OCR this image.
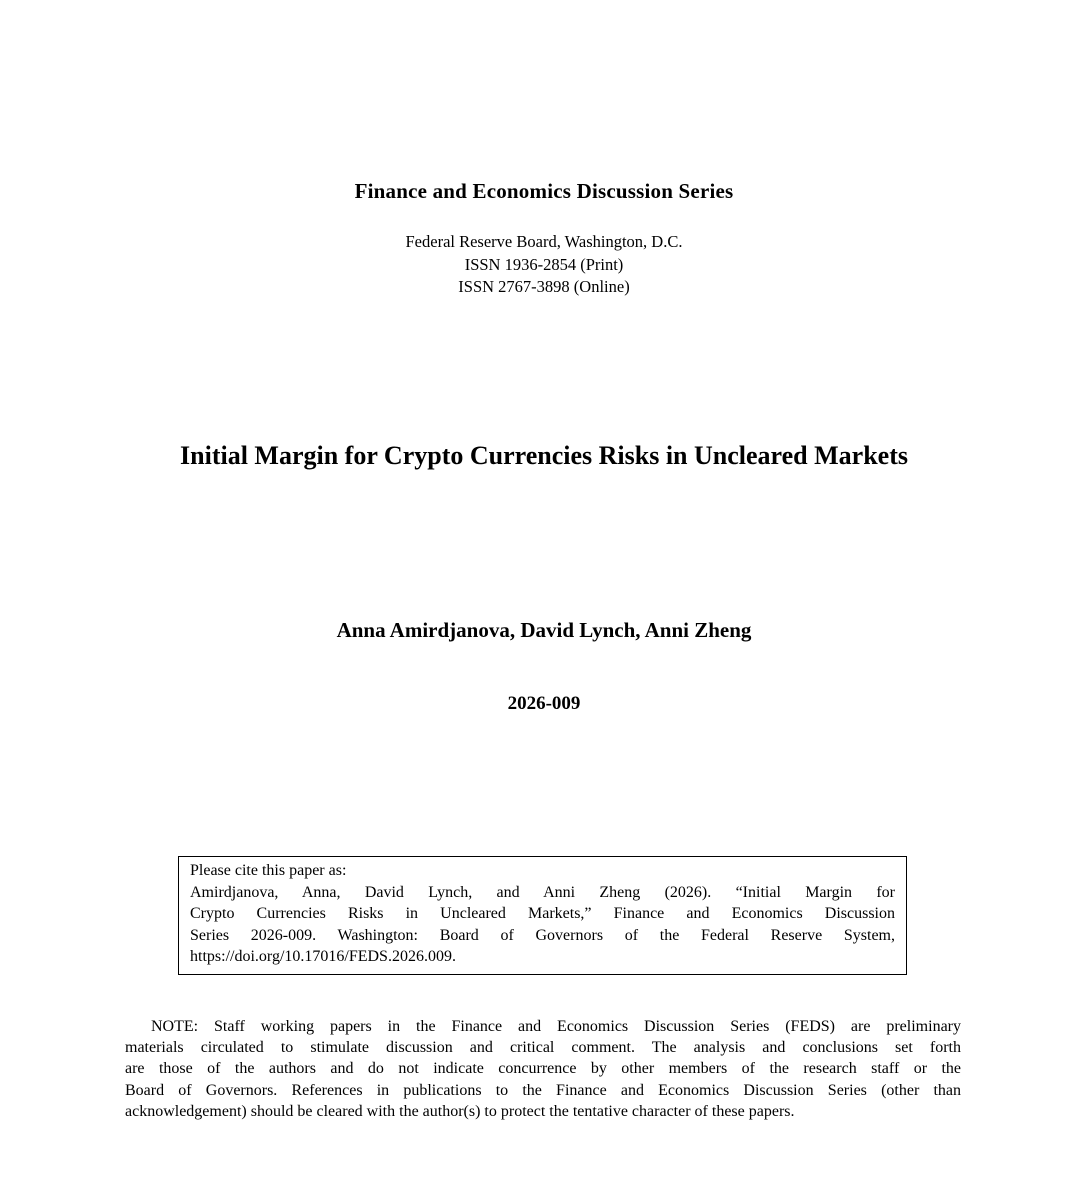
Finance and Economics Discussion Series
Federal Reserve Board, Washington, D.C.
ISSN 1936-2854 (Print)
ISSN 2767-3898 (Online)
Initial Margin for Crypto Currencies Risks in Uncleared Markets
Anna Amirdjanova, David Lynch, Anni Zheng
2026-009
Please cite this paper as:
Amirdjanova, Anna, David Lynch, and Anni Zheng (2026). “Initial Margin for
Crypto Currencies Risks in Uncleared Markets,” Finance and Economics Discussion
Series 2026-009. Washington: Board of Governors of the Federal Reserve System,
https://doi.org/10.17016/FEDS.2026.009.
NOTE: Staff working papers in the Finance and Economics Discussion Series (FEDS) are preliminary
materials circulated to stimulate discussion and critical comment. The analysis and conclusions set forth
are those of the authors and do not indicate concurrence by other members of the research staff or the
Board of Governors. References in publications to the Finance and Economics Discussion Series (other than
acknowledgement) should be cleared with the author(s) to protect the tentative character of these papers.
